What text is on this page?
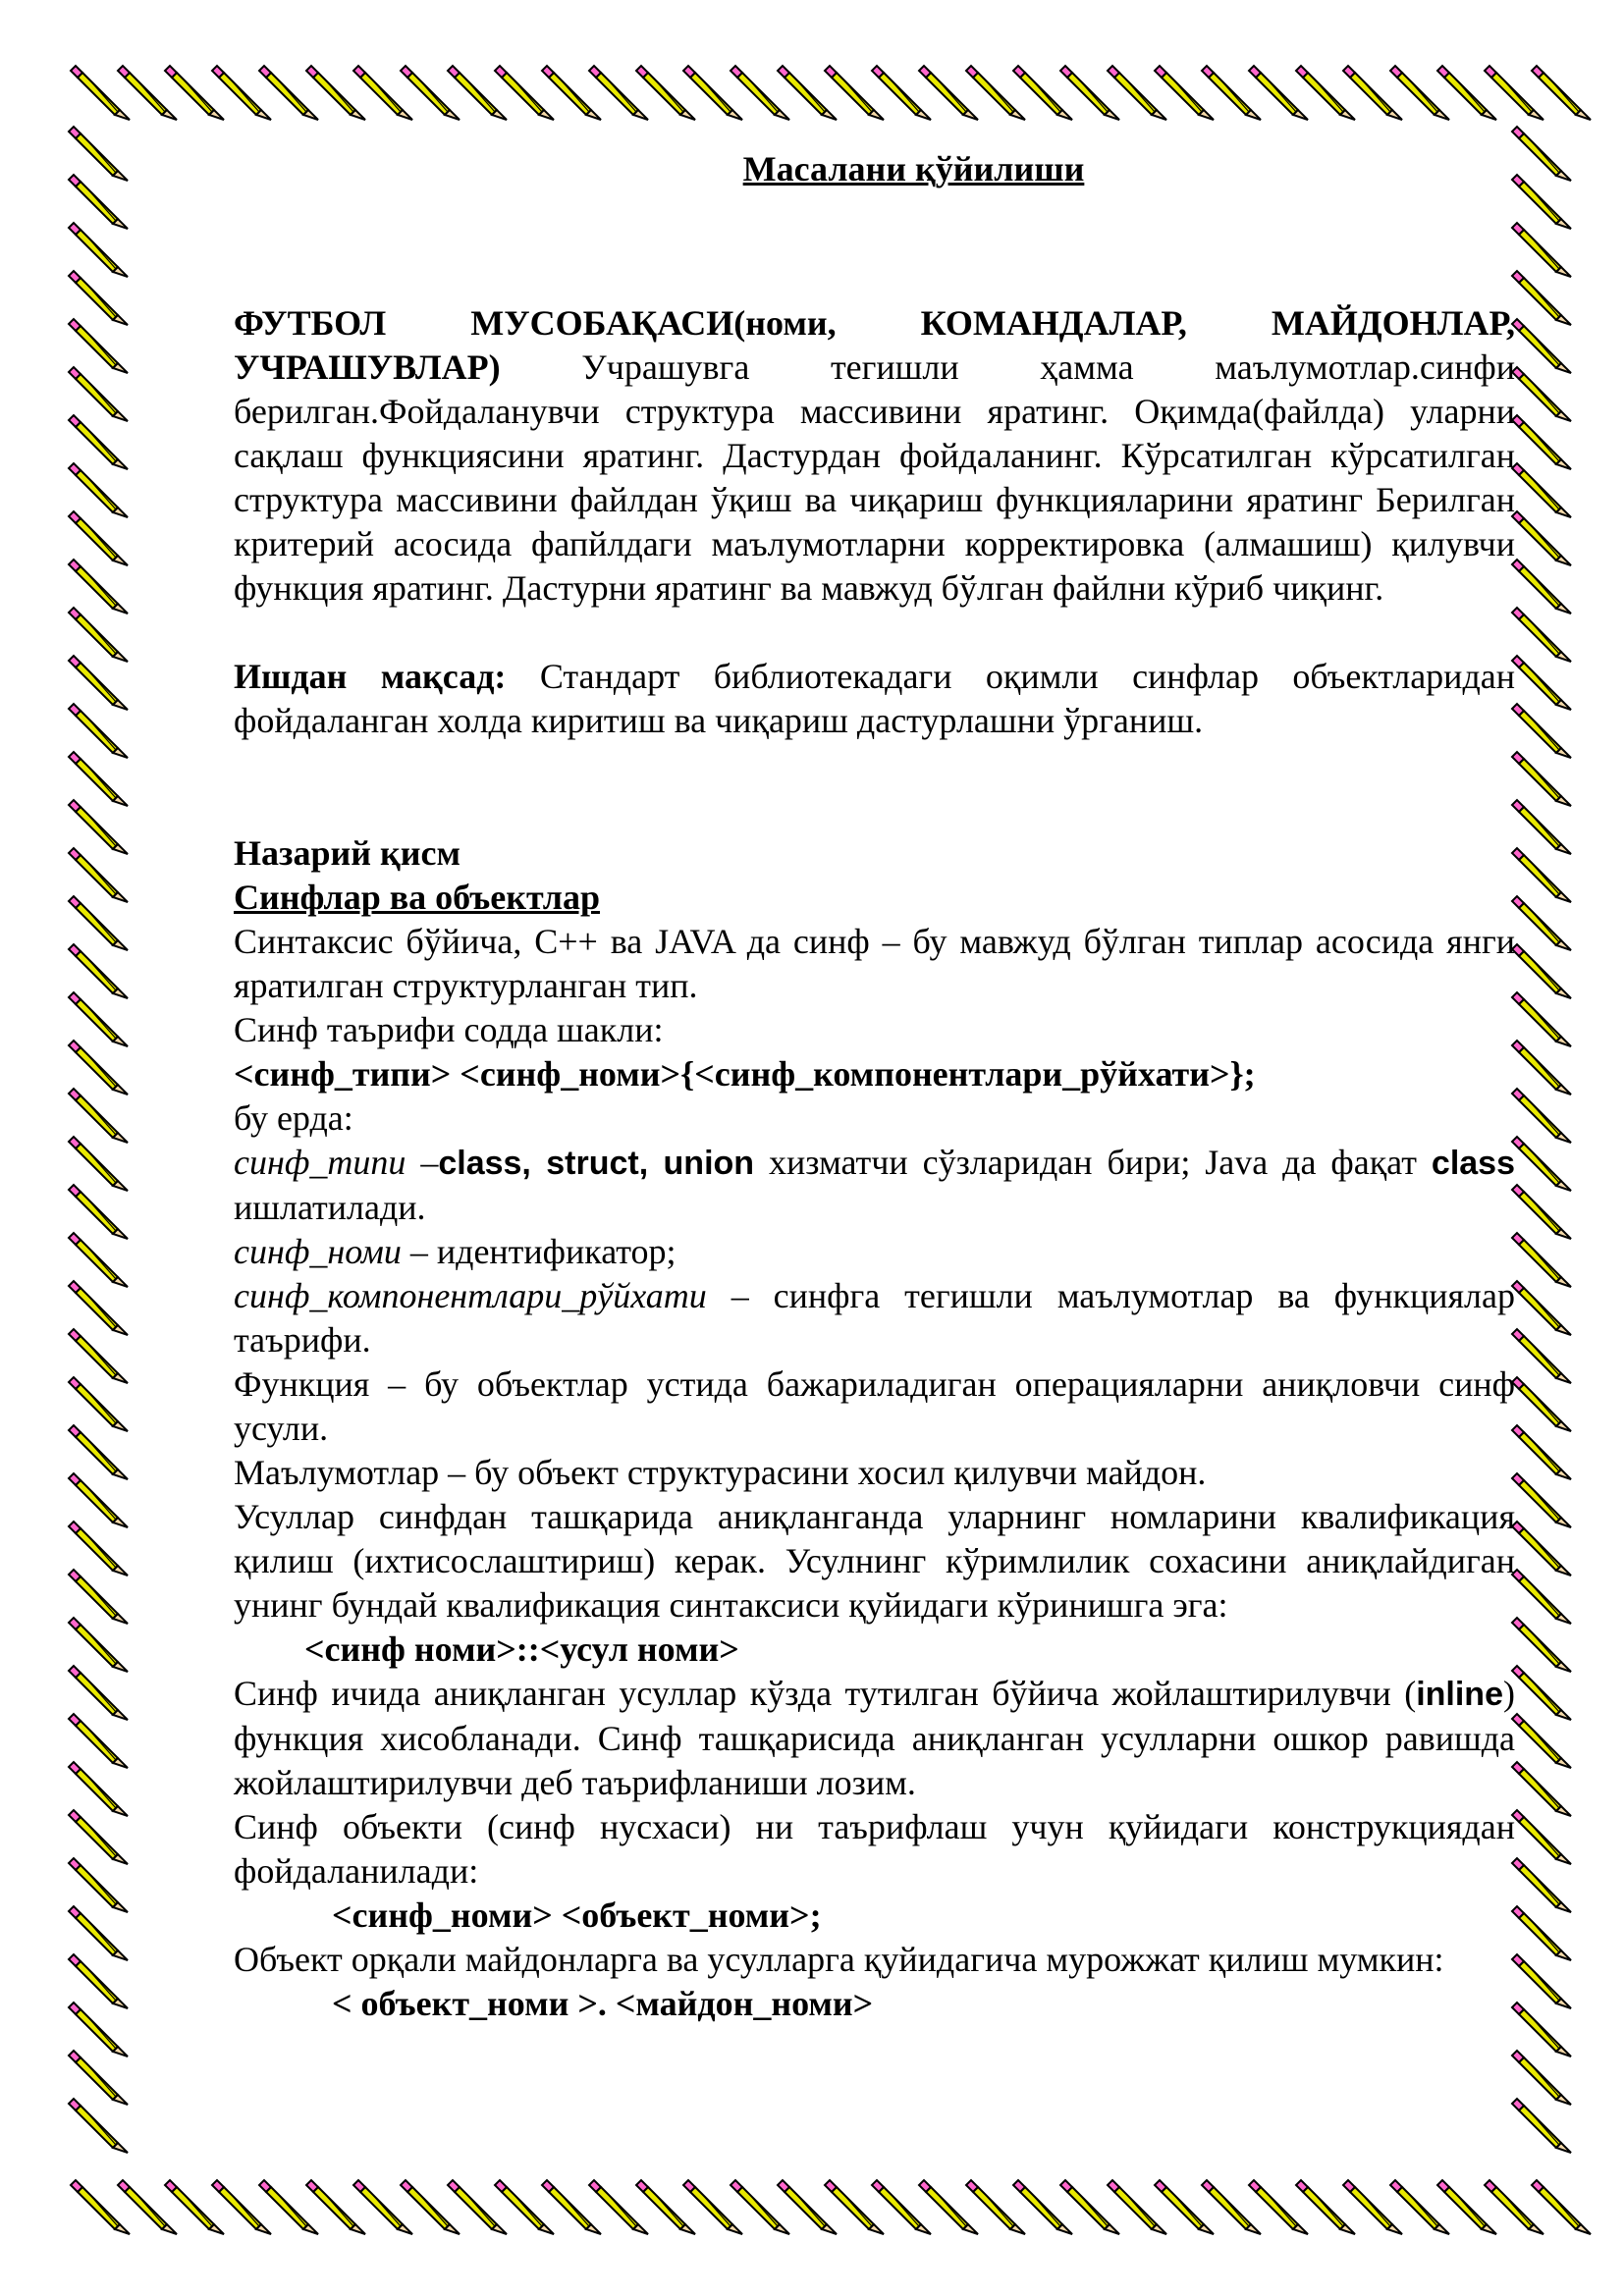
Масалани қўйилиши

ФУТБОЛ МУСОБАҚАСИ(номи, КОМАНДАЛАР, МАЙДОНЛАР, УЧРАШУВЛАР) Учрашувга тегишли ҳамма маълумотлар.синфи берилган.Фойдаланувчи структура массивини яратинг. Оқимда(файлда) уларни сақлаш функциясини яратинг. Дастурдан фойдаланинг. Кўрсатилган кўрсатилган структура массивини файлдан ўқиш ва чиқариш функцияларини яратинг Берилган критерий асосида фапйлдаги маълумотларни корректировка (алмашиш) қилувчи функция яратинг. Дастурни яратинг ва мавжуд бўлган файлни кўриб чиқинг.

Ишдан мақсад: Стандарт библиотекадаги оқимли синфлар объектларидан фойдаланган холда киритиш ва чиқариш дастурлашни ўрганиш.

Назарий қисм

Синфлар ва объектлар

Синтаксис бўйича, C++ ва JAVA да синф – бу мавжуд бўлган типлар асосида янги яратилган структурланган тип.

Синф таърифи содда шакли:

<синф_типи> <синф_номи>{<синф_компонентлари_рўйхати>};

бу ерда:

синф_типи –class, struct, union хизматчи сўзларидан бири; Java да фақат class ишлатилади.

синф_номи – идентификатор;

синф_компонентлари_рўйхати – синфга тегишли маълумотлар ва функциялар таърифи.

Функция – бу объектлар устида бажариладиган операцияларни аниқловчи синф усули.

Маълумотлар – бу объект структурасини хосил қилувчи майдон.

Усуллар синфдан ташқарида аниқланганда уларнинг номларини квалификация қилиш (ихтисослаштириш) керак. Усулнинг кўримлилик сохасини аниқлайдиган унинг бундай квалификация синтаксиси қуйидаги кўринишга эга:

<синф номи>::<усул номи>

Синф ичида аниқланган усуллар кўзда тутилган бўйича жойлаштирилувчи (inline) функция хисобланади. Синф ташқарисида аниқланган усулларни ошкор равишда жойлаштирилувчи деб таърифланиши лозим.

Синф объекти (синф нусхаси) ни таърифлаш учун қуйидаги конструкциядан фойдаланилади:

<синф_номи> <объект_номи>;

Объект орқали майдонларга ва усулларга қуйидагича мурожжат қилиш мумкин:

< объект_номи >. <майдон_номи>
